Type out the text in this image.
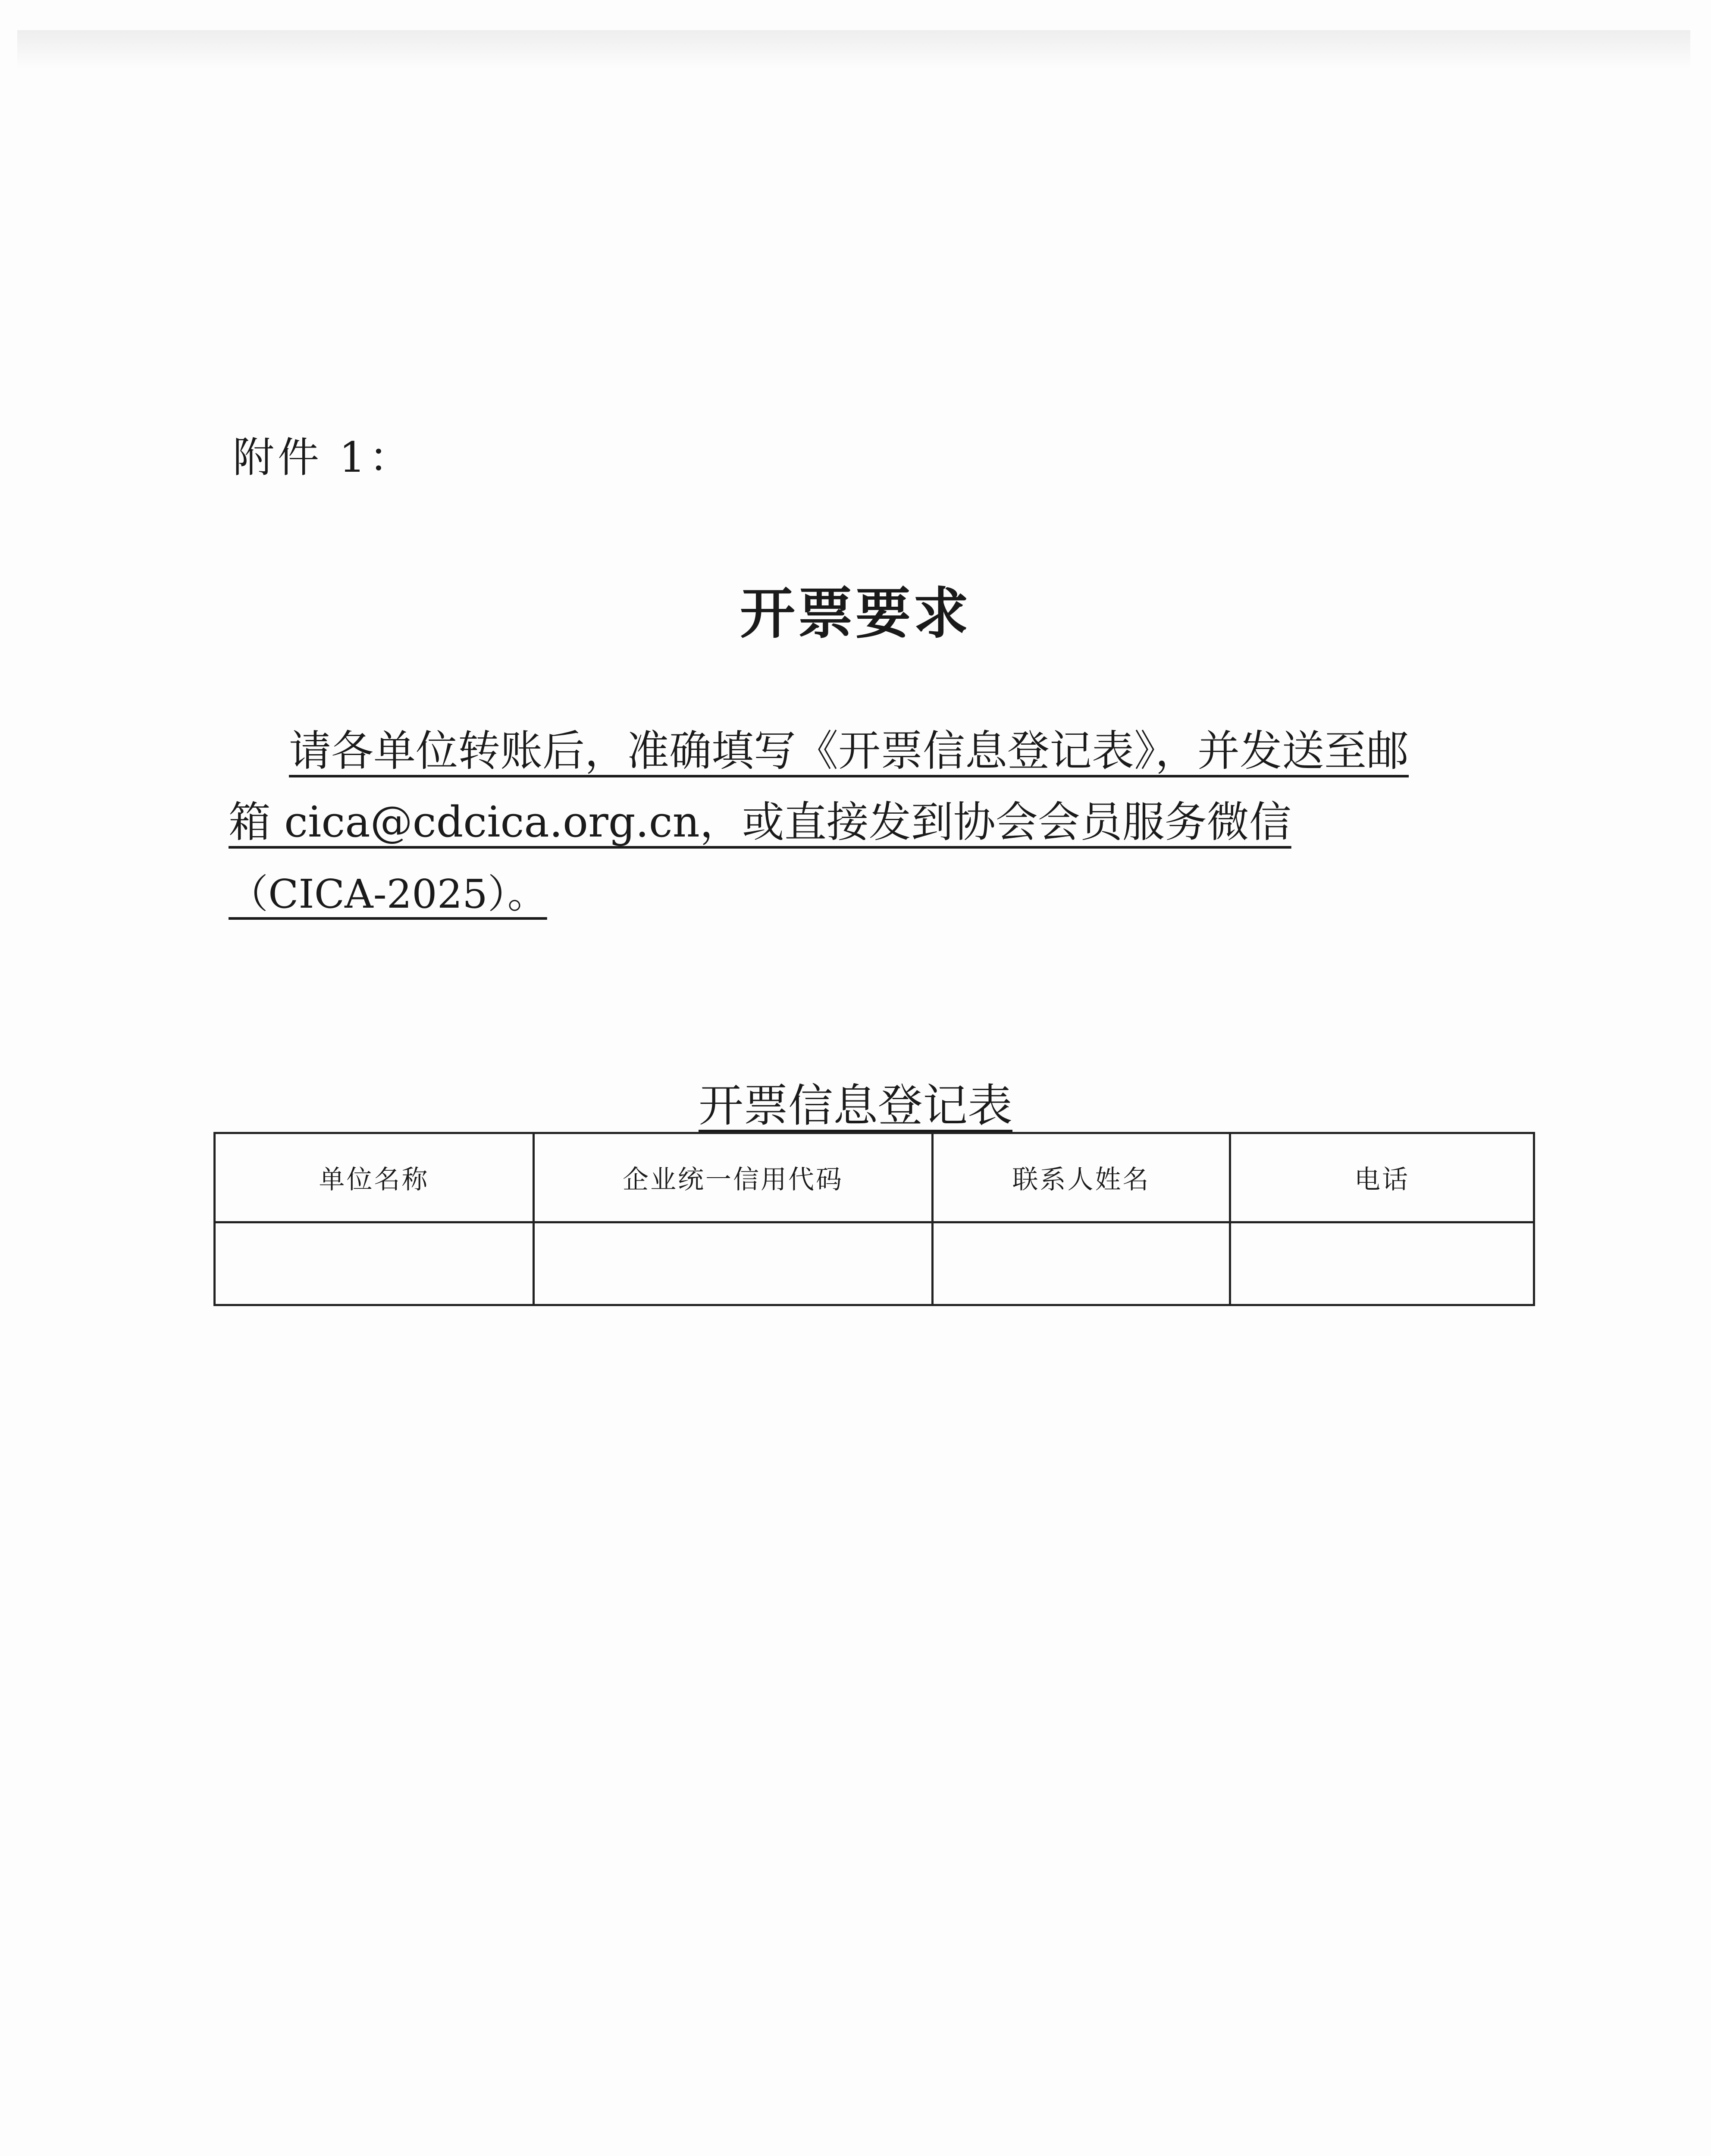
附件 1：
开票要求
请各单位转账后，准确填写《开票信息登记表》，并发送至邮
箱 cica@cdcica.org.cn，或直接发到协会会员服务微信
（CICA-2025）。
开票信息登记表
单位名称	企业统一信用代码	联系人姓名	电话
